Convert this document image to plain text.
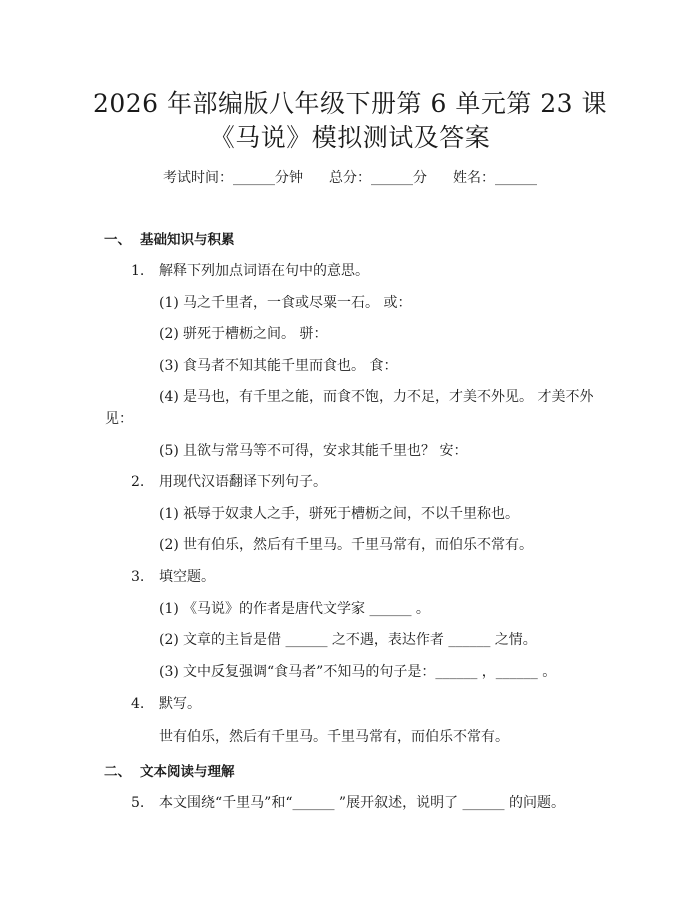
2026 年部编版八年级下册第 6 单元第 23 课
《马说》模拟测试及答案
考试时间：______分钟 总分：______分 姓名：______
一、 基础知识与积累
1. 解释下列加点词语在句中的意思。
(1) 马之千里者，一食或尽粟一石。 或：
(2) 骈死于槽枥之间。 骈：
(3) 食马者不知其能千里而食也。 食：
(4) 是马也，有千里之能，而食不饱，力不足，才美不外见。 才美不外
见：
(5) 且欲与常马等不可得，安求其能千里也？ 安：
2. 用现代汉语翻译下列句子。
(1) 祇辱于奴隶人之手，骈死于槽枥之间，不以千里称也。
(2) 世有伯乐，然后有千里马。千里马常有，而伯乐不常有。
3. 填空题。
(1) 《马说》的作者是唐代文学家 ______ 。
(2) 文章的主旨是借 ______ 之不遇，表达作者 ______ 之情。
(3) 文中反复强调“食马者”不知马的句子是：______ ，______ 。
4. 默写。
世有伯乐，然后有千里马。千里马常有，而伯乐不常有。
二、 文本阅读与理解
5. 本文围绕“千里马”和“______ ”展开叙述，说明了 ______ 的问题。
